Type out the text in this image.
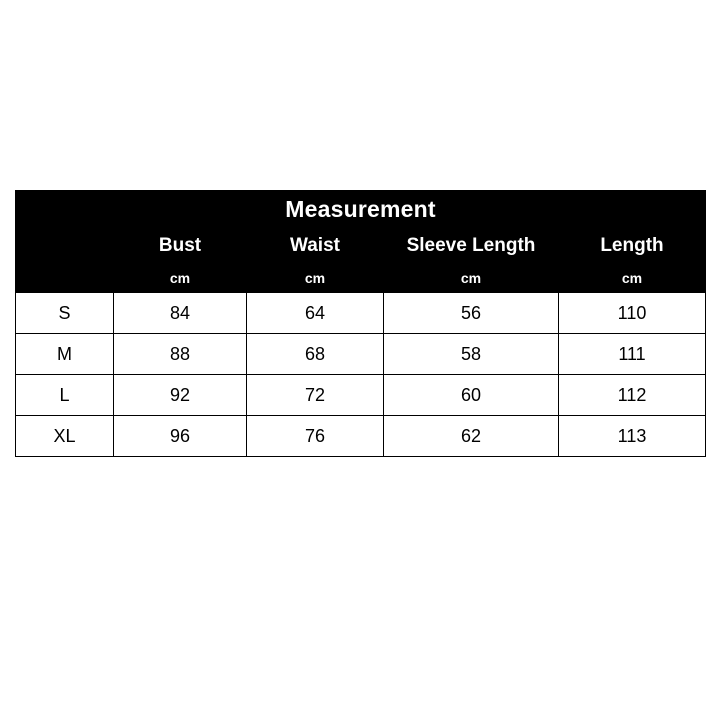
Measurement				
	Bust	Waist	Sleeve Length	Length
	cm	cm	cm	cm
S	84	64	56	110
M	88	68	58	111
L	92	72	60	112
XL	96	76	62	113
